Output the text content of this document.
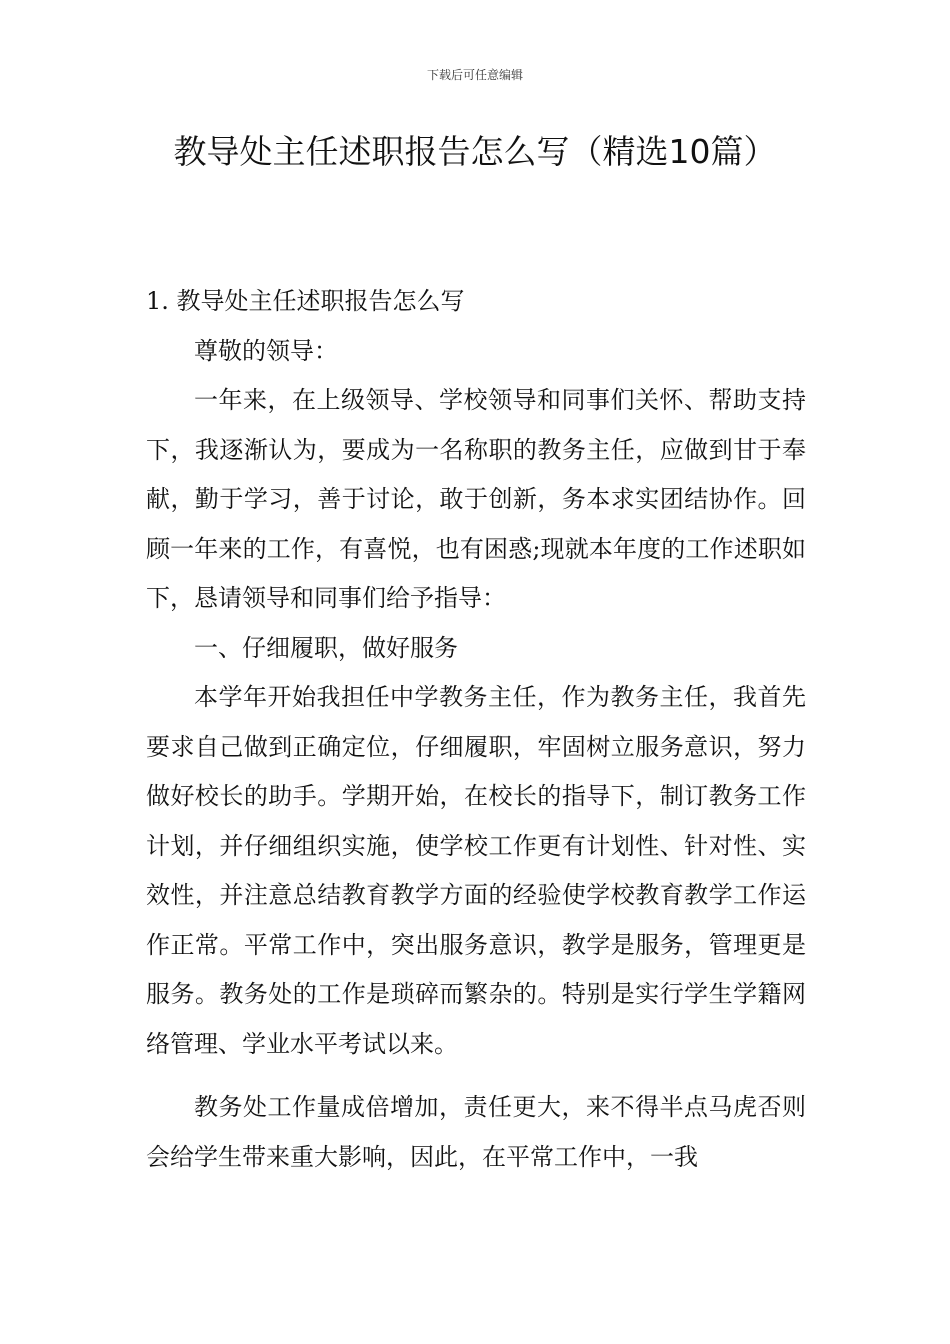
下载后可任意编辑
教导处主任述职报告怎么写（精选10篇）

1. 教导处主任述职报告怎么写

尊敬的领导：

一年来，在上级领导、学校领导和同事们关怀、帮助支持下，我逐渐认为，要成为一名称职的教务主任，应做到甘于奉献，勤于学习，善于讨论，敢于创新，务本求实团结协作。回顾一年来的工作，有喜悦，也有困惑;现就本年度的工作述职如下，恳请领导和同事们给予指导：

一、仔细履职，做好服务

本学年开始我担任中学教务主任，作为教务主任，我首先要求自己做到正确定位，仔细履职，牢固树立服务意识，努力做好校长的助手。学期开始，在校长的指导下，制订教务工作计划，并仔细组织实施，使学校工作更有计划性、针对性、实效性，并注意总结教育教学方面的经验使学校教育教学工作运作正常。平常工作中，突出服务意识，教学是服务，管理更是服务。教务处的工作是琐碎而繁杂的。特别是实行学生学籍网络管理、学业水平考试以来。

教务处工作量成倍增加，责任更大，来不得半点马虎否则会给学生带来重大影响，因此，在平常工作中，一我
